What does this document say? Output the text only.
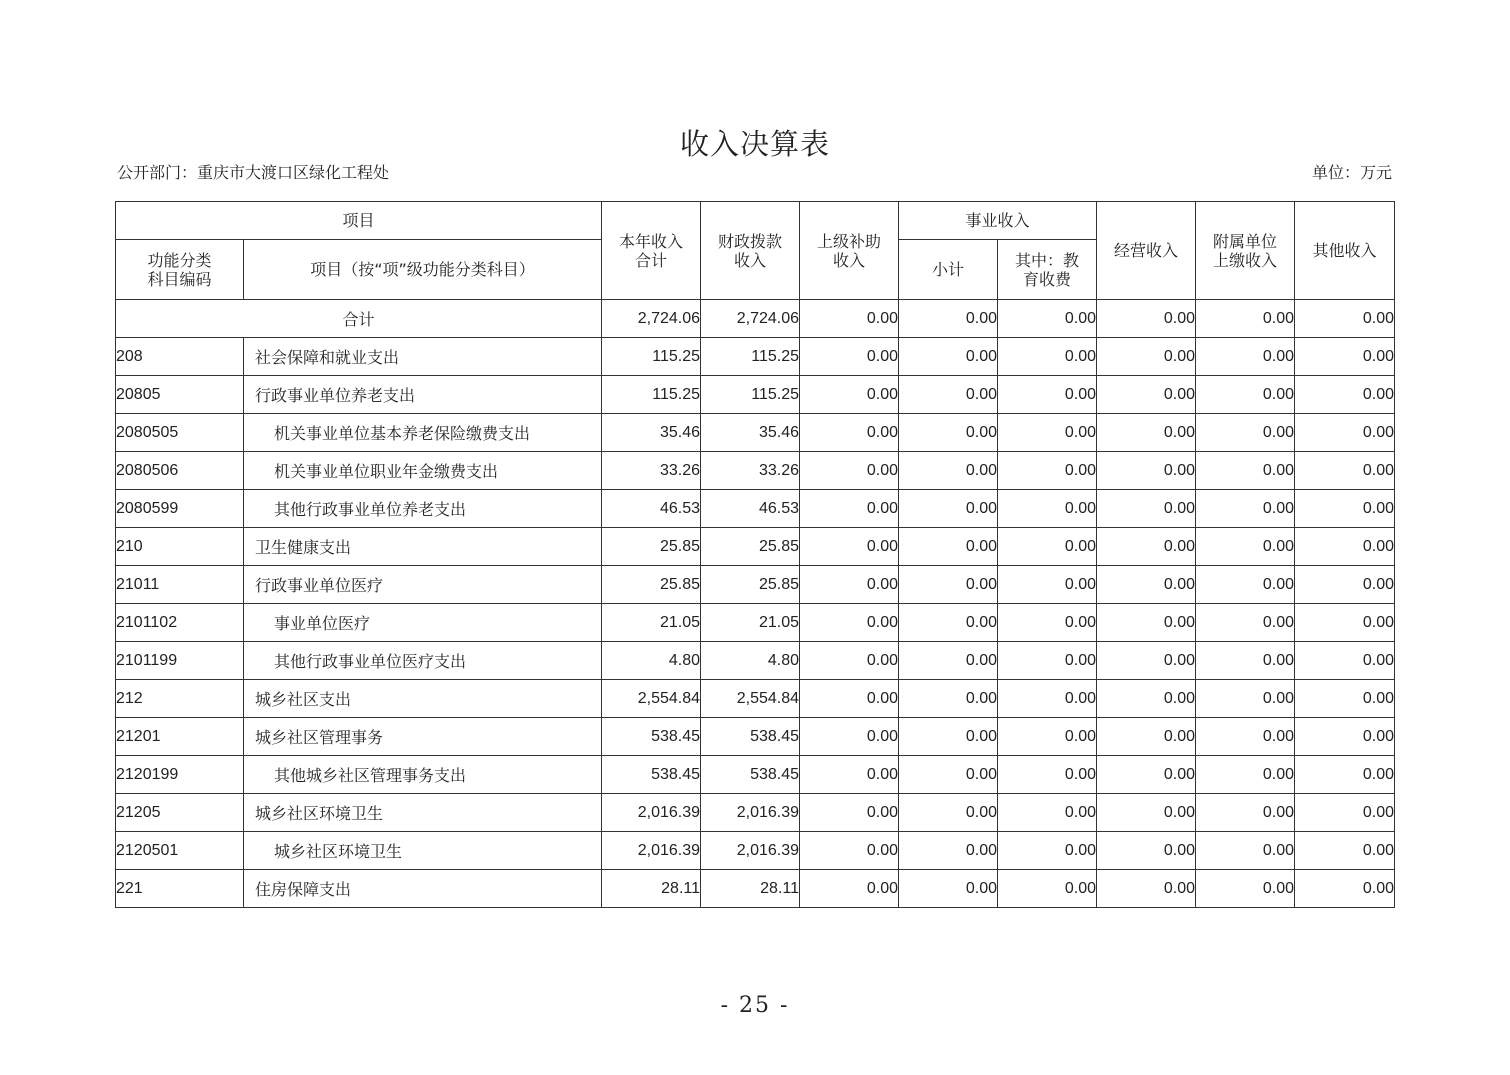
收入决算表
公开部门：重庆市大渡口区绿化工程处	单位：万元
项目		本年收入合计	财政拨款收入	上级补助收入	事业收入		经营收入	附属单位上缴收入	其他收入

功能分类科目编码	项目（按“项”级功能分类科目）				小计	其中：教育收费			

合计		2,724.06	2,724.06	0.00	0.00	0.00	0.00	0.00	0.00
208	社会保障和就业支出	115.25	115.25	0.00	0.00	0.00	0.00	0.00	0.00
20805	行政事业单位养老支出	115.25	115.25	0.00	0.00	0.00	0.00	0.00	0.00
2080505	机关事业单位基本养老保险缴费支出	35.46	35.46	0.00	0.00	0.00	0.00	0.00	0.00
2080506	机关事业单位职业年金缴费支出	33.26	33.26	0.00	0.00	0.00	0.00	0.00	0.00
2080599	其他行政事业单位养老支出	46.53	46.53	0.00	0.00	0.00	0.00	0.00	0.00
210	卫生健康支出	25.85	25.85	0.00	0.00	0.00	0.00	0.00	0.00
21011	行政事业单位医疗	25.85	25.85	0.00	0.00	0.00	0.00	0.00	0.00
2101102	事业单位医疗	21.05	21.05	0.00	0.00	0.00	0.00	0.00	0.00
2101199	其他行政事业单位医疗支出	4.80	4.80	0.00	0.00	0.00	0.00	0.00	0.00
212	城乡社区支出	2,554.84	2,554.84	0.00	0.00	0.00	0.00	0.00	0.00
21201	城乡社区管理事务	538.45	538.45	0.00	0.00	0.00	0.00	0.00	0.00
2120199	其他城乡社区管理事务支出	538.45	538.45	0.00	0.00	0.00	0.00	0.00	0.00
21205	城乡社区环境卫生	2,016.39	2,016.39	0.00	0.00	0.00	0.00	0.00	0.00
2120501	城乡社区环境卫生	2,016.39	2,016.39	0.00	0.00	0.00	0.00	0.00	0.00
221	住房保障支出	28.11	28.11	0.00	0.00	0.00	0.00	0.00	0.00
- 25 -
